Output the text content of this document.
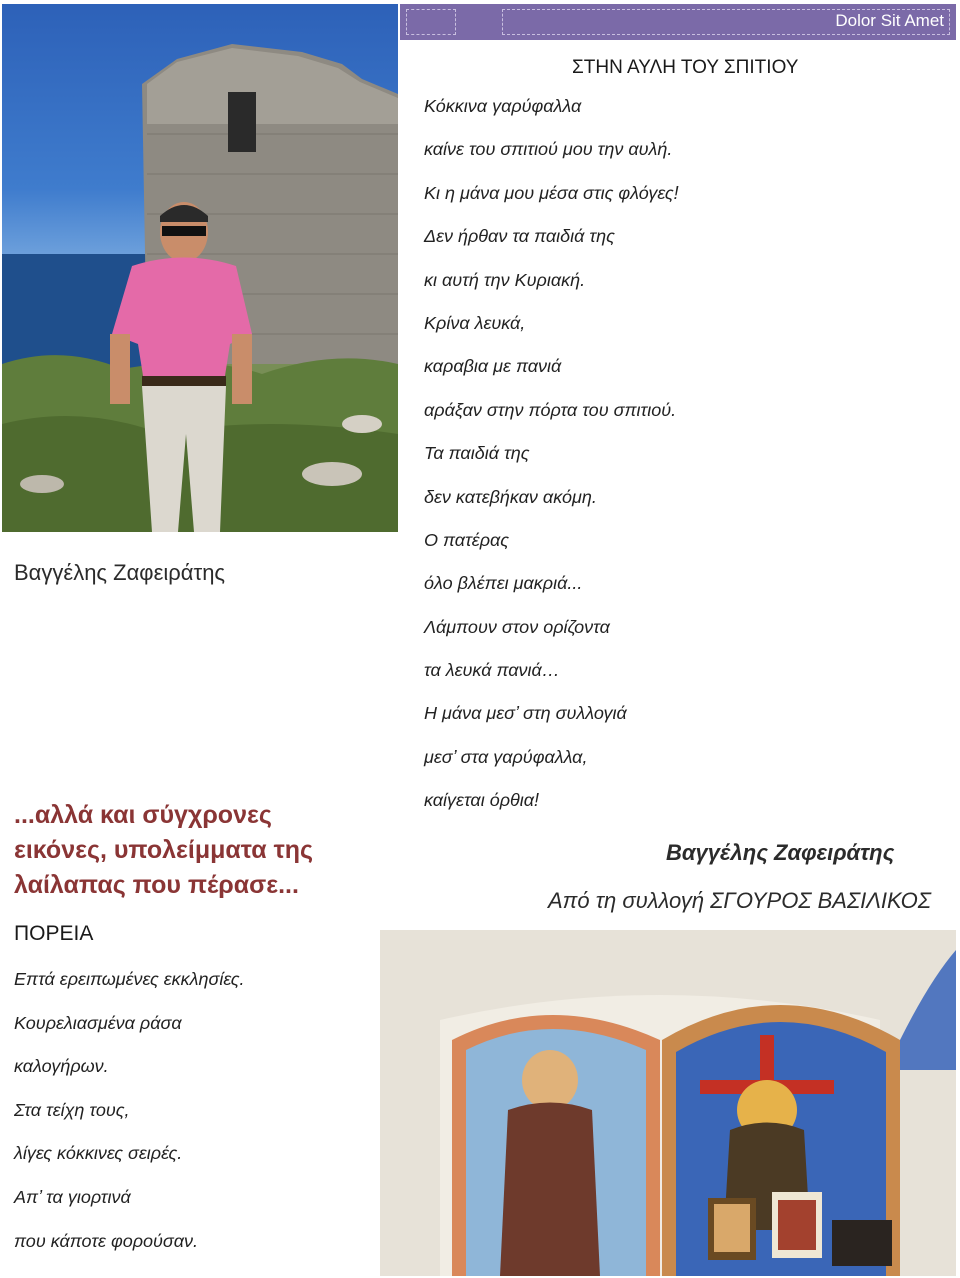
Dolor Sit Amet
Βαγγέλης Ζαφειράτης
ΣΤΗΝ ΑΥΛΗ ΤΟΥ ΣΠΙΤΙΟΥ
Κόκκινα γαρύφαλλα
καίνε του σπιτιού μου την αυλή.
Κι η μάνα μου μέσα στις φλόγες!
Δεν ήρθαν τα παιδιά της
κι αυτή την Κυριακή.
Κρίνα λευκά,
καραβια με πανιά
αράξαν στην πόρτα του σπιτιού.
Τα παιδιά της
δεν κατεβήκαν ακόμη.
Ο πατέρας
όλο βλέπει μακριά...
Λάμπουν στον ορίζοντα
τα λευκά πανιά…
Η μάνα μεσ’ στη συλλογιά
μεσ’ στα γαρύφαλλα,
καίγεται όρθια!
Βαγγέλης Ζαφειράτης
Από τη συλλογή ΣΓΟΥΡΟΣ ΒΑΣΙΛΙΚΟΣ
...αλλά και σύγχρονες εικόνες, υπολείμματα της λαίλαπας που πέρασε...
ΠΟΡΕΙΑ
Επτά ερειπωμένες εκκλησίες.
Κουρελιασμένα ράσα
καλογήρων.
Στα τείχη τους,
λίγες κόκκινες σειρές.
Απ’ τα γιορτινά
που κάποτε φορούσαν.
